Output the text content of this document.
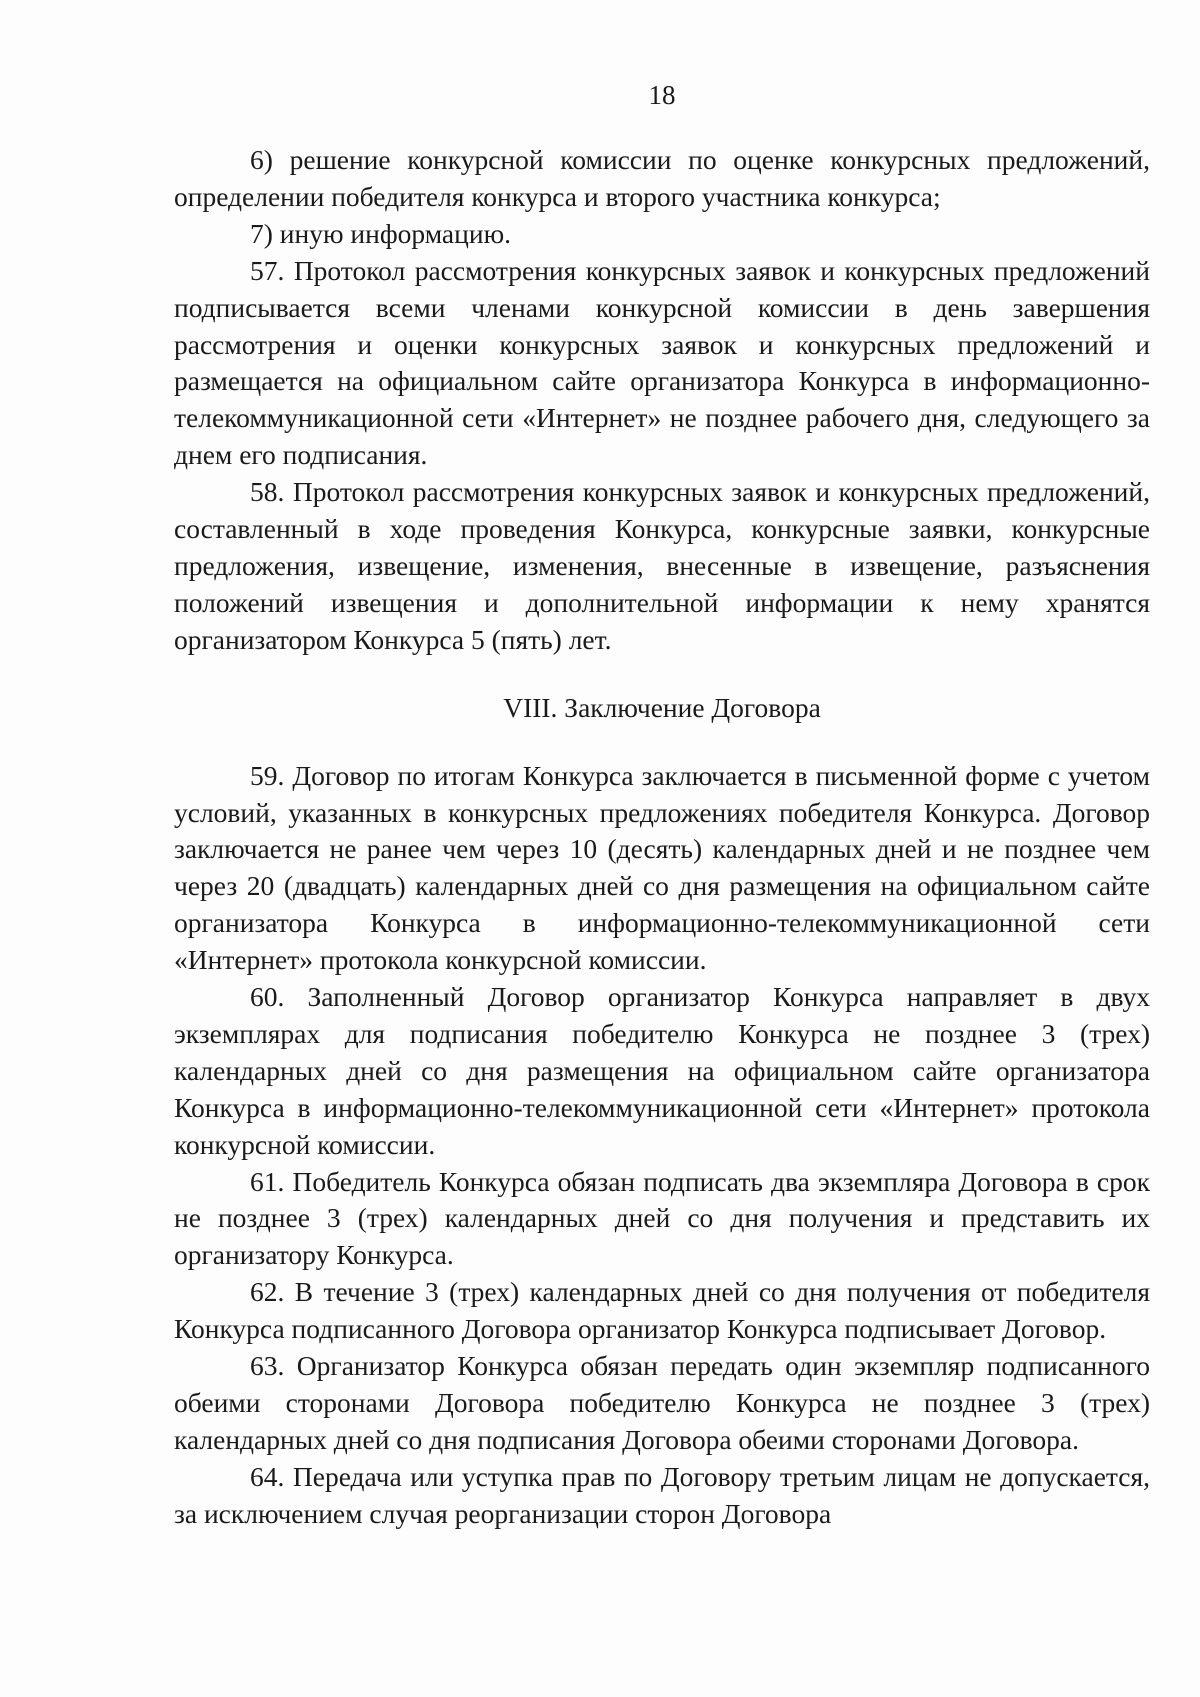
18

6) решение конкурсной комиссии по оценке конкурсных предложений, определении победителя конкурса и второго участника конкурса;

7) иную информацию.

57. Протокол рассмотрения конкурсных заявок и конкурсных предложений подписывается всеми членами конкурсной комиссии в день завершения рассмотрения и оценки конкурсных заявок и конкурсных предложений и размещается на официальном сайте организатора Конкурса в информационно-телекоммуникационной сети «Интернет» не позднее рабочего дня, следующего за днем его подписания.

58. Протокол рассмотрения конкурсных заявок и конкурсных предложений, составленный в ходе проведения Конкурса, конкурсные заявки, конкурсные предложения, извещение, изменения, внесенные в извещение, разъяснения положений извещения и дополнительной информации к нему хранятся организатором Конкурса 5 (пять) лет.

VIII. Заключение Договора

59. Договор по итогам Конкурса заключается в письменной форме с учетом условий, указанных в конкурсных предложениях победителя Конкурса. Договор заключается не ранее чем через 10 (десять) календарных дней и не позднее чем через 20 (двадцать) календарных дней со дня размещения на официальном сайте организатора Конкурса в информационно-телекоммуникационной сети «Интернет» протокола конкурсной комиссии.

60. Заполненный Договор организатор Конкурса направляет в двух экземплярах для подписания победителю Конкурса не позднее 3 (трех) календарных дней со дня размещения на официальном сайте организатора Конкурса в информационно-телекоммуникационной сети «Интернет» протокола конкурсной комиссии.

61. Победитель Конкурса обязан подписать два экземпляра Договора в срок не позднее 3 (трех) календарных дней со дня получения и представить их организатору Конкурса.

62. В течение 3 (трех) календарных дней со дня получения от победителя Конкурса подписанного Договора организатор Конкурса подписывает Договор.

63. Организатор Конкурса обязан передать один экземпляр подписанного обеими сторонами Договора победителю Конкурса не позднее 3 (трех) календарных дней со дня подписания Договора обеими сторонами Договора.

64. Передача или уступка прав по Договору третьим лицам не допускается, за исключением случая реорганизации сторон Договора
